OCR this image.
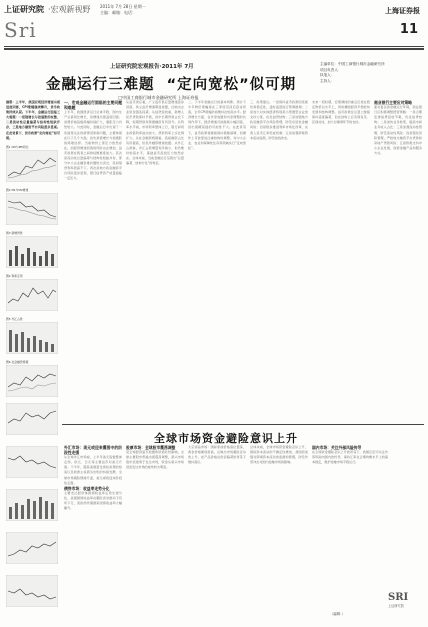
上证研究院 ·宏观新视野
Sri
2011年 7月 28日 星期一
主编：邮箱：电话：	上海证券报
11
上证研究院宏观报告·2011年 7月
金融运行三难题  “定向宽松”似可期
□中国工商银行城市金融研究所 上海证券报
主编单位：中国工商银行城市金融研究所
项目负责人：
执笔人：
主持人：
摘要：上半年，我国宏观经济增速出现适度回落，CPI涨幅继续攀升，货币政策持续从紧。下半年，金融运行面临三大难题：一是稳增长与控通胀的权衡，二是流动性总量偏紧与结构性短缺并存，三是地方融资平台风险逐步显现。在此背景下，货币政策“定向宽松”似可期。
图1 CPI与PPI同比
图2 M1与M2增速
图3 新增贷款
图4 利率走势
图5 外汇占款
图6 社会融资规模
一、宏观金融运行面临的主要问题和难题
上半年，我国经济运行总体平稳，国内生产总值同比增长，但增速出现适度回落；消费价格指数涨幅持续扩大，通胀压力仍然较大。与此同时，金融运行中出现了一些值得关注的新情况和新问题，主要体现在以下几个方面。首先是稳增长与控通胀的两难选择。当前物价上涨压力依然存在，而经济增速回落的风险也在增加，货币政策在两者之间的权衡难度加大。其次是流动性总量偏紧与结构性短缺并存，部分中小企业融资难问题较为突出，民间借贷利率居高不下。再次是地方政府融资平台风险逐步显现，银行信贷资产质量面临一定压力。
从货币供应看，广义货币供应量增速逐步回落，狭义货币增速明显放缓，反映出企业资金链条趋紧。从信贷投放看，新增人民币贷款保持平稳，但中长期贷款占比下降，短期贷款和票据融资有所回升。从利率水平看，市场利率整体上行，银行间同业拆借利率波动加大，贷款利率上浮比例扩大。从社会融资规模看，直接融资占比有所提高，但表外融资增速放缓。从外汇占款看，外汇占款增量有所减少，但仍维持较高水平，基础货币投放压力依然存在。总体来看，当前金融运行呈现出“总量偏紧、结构分化”的特征。
二、下半年金融运行的基本判断。预计下半年物价涨幅将在三季度见顶后逐步回落，全年CPI涨幅仍将维持在较高水平。经济增长方面，在外需放缓和内需调整的共同作用下，经济增速可能继续小幅回落，但出现硬着陆的可能性不大。在此背景下，货币政策将继续保持稳健基调，但操作上可能更加注重结构性调整，对中小企业、农业和保障性住房等领域实行“定向宽松”。
三、政策建议。一是保持货币政策的连续性和稳定性，适时适度进行预调微调；二是加大对实体经济特别是小型微型企业的支持力度，优化信贷结构；三是加强地方政府融资平台风险管理，防范系统性金融风险；四是稳步推进利率市场化改革，完善人民币汇率形成机制；五是加强跨境资本流动监测，防范热钱冲击。
未来一段时期，宏观调控的重点应放在稳定物价总水平上，同时兼顾经济平稳较快发展和结构调整。货币政策在总量上继续保持适度偏紧，但在结构上应有保有压、区别对待，加大对薄弱环节的支持。
商业银行主要应对策略
面对复杂的金融运行环境，商业银行应积极调整经营策略：一是合理安排信贷投放节奏，优化信贷结构；二是加快业务转型，提高中间业务收入占比；三是加强流动性管理，防范流动性风险；四是强化风险管理，严控地方融资平台贷款和房地产贷款风险；五是积极支持中小企业发展，创新金融产品和服务方式。
全球市场资金避险意识上升
外汇市场：美元或迎来震荡中的阶段性走强
从全球外汇市场看，上半年美元指数整体走弱，欧元、日元等主要货币对美元升值。下半年，随着美国量化宽松政策的结束以及欧洲主权债务危机的持续发酵，全球市场避险情绪升温，美元或将迎来阶段性走强。
债券市场：收益率走势分化
主要发达经济体国债收益率走势出现分化，美国国债收益率在避险需求推动下有所下行，而欧洲外围国家国债收益率大幅攀升。
股票市场：全球股市震荡调整
受全球经济复苏放缓和欧债危机影响，全球主要股市普遍出现震荡调整，新兴市场股市表现弱于发达市场，资金从新兴市场回流发达市场的迹象较为明显。
大宗商品市场：国际原油价格高位震荡，黄金价格屡创新高，反映出市场避险意识的上升。农产品价格在供需偏紧的背景下维持高位。
总体来看，全球市场资金避险意识上升，国际资本流动的不确定性增加，我国需加强对跨境资本流动的监测和管理，防范外部冲击对国内金融市场的影响。
国内市场：关注外部风险传导
在全球资金避险意识上升的背景下，我国应密切关注外部风险向国内的传导，保持汇率在合理均衡水平上的基本稳定，维护金融市场平稳运行。
SRI
上证研究院
（编辑：）
